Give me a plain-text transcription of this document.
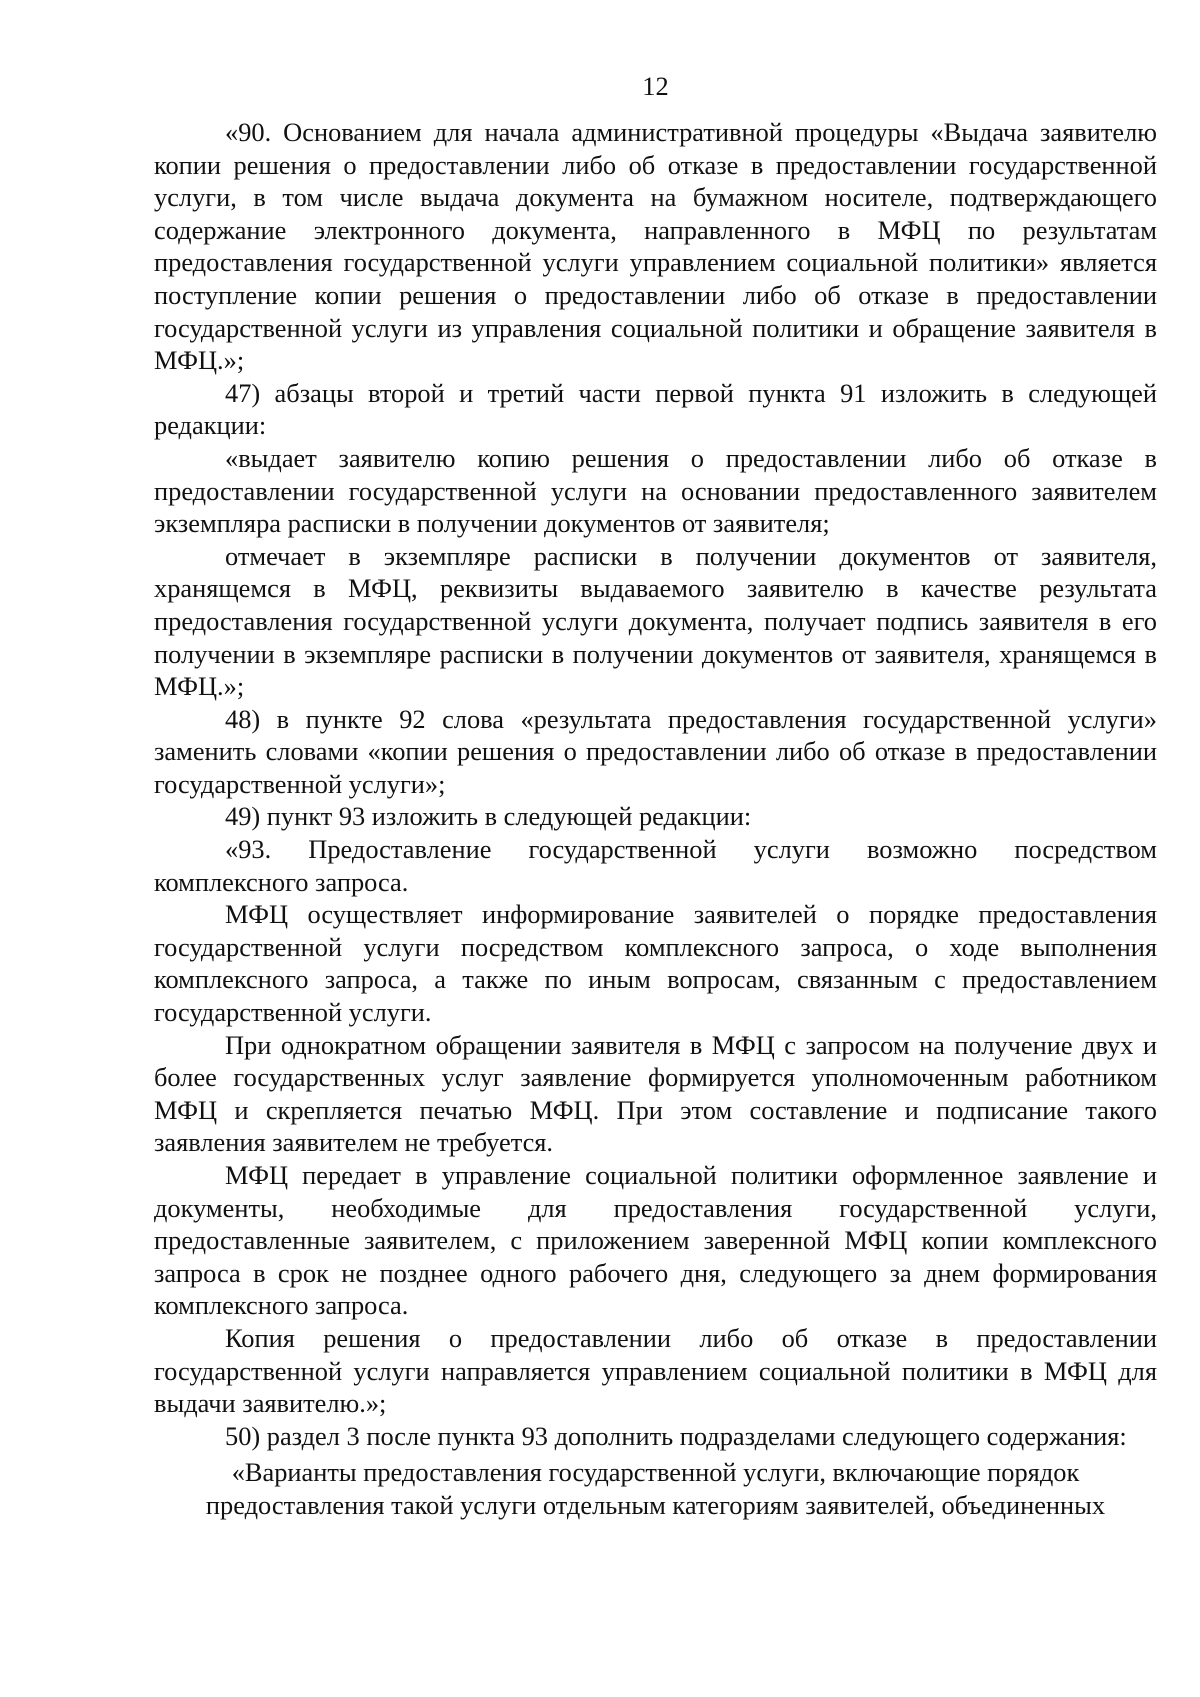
12

«90. Основанием для начала административной процедуры «Выдача заявителю копии решения о предоставлении либо об отказе в предоставлении государственной услуги, в том числе выдача документа на бумажном носителе, подтверждающего содержание электронного документа, направленного в МФЦ по результатам предоставления государственной услуги управлением социальной политики» является поступление копии решения о предоставлении либо об отказе в предоставлении государственной услуги из управления социальной политики и обращение заявителя в МФЦ.»;

47) абзацы второй и третий части первой пункта 91 изложить в следующей редакции:

«выдает заявителю копию решения о предоставлении либо об отказе в предоставлении государственной услуги на основании предоставленного заявителем экземпляра расписки в получении документов от заявителя;

отмечает в экземпляре расписки в получении документов от заявителя, хранящемся в МФЦ, реквизиты выдаваемого заявителю в качестве результата предоставления государственной услуги документа, получает подпись заявителя в его получении в экземпляре расписки в получении документов от заявителя, хранящемся в МФЦ.»;

48) в пункте 92 слова «результата предоставления государственной услуги» заменить словами «копии решения о предоставлении либо об отказе в предоставлении государственной услуги»;

49) пункт 93 изложить в следующей редакции:

«93. Предоставление государственной услуги возможно посредством комплексного запроса.

МФЦ осуществляет информирование заявителей о порядке предоставления государственной услуги посредством комплексного запроса, о ходе выполнения комплексного запроса, а также по иным вопросам, связанным с предоставлением государственной услуги.

При однократном обращении заявителя в МФЦ с запросом на получение двух и более государственных услуг заявление формируется уполномоченным работником МФЦ и скрепляется печатью МФЦ. При этом составление и подписание такого заявления заявителем не требуется.

МФЦ передает в управление социальной политики оформленное заявление и документы, необходимые для предоставления государственной услуги, предоставленные заявителем, с приложением заверенной МФЦ копии комплексного запроса в срок не позднее одного рабочего дня, следующего за днем формирования комплексного запроса.

Копия решения о предоставлении либо об отказе в предоставлении государственной услуги направляется управлением социальной политики в МФЦ для выдачи заявителю.»;

50) раздел 3 после пункта 93 дополнить подразделами следующего содержания:

«Варианты предоставления государственной услуги, включающие порядок
предоставления такой услуги отдельным категориям заявителей, объединенных
